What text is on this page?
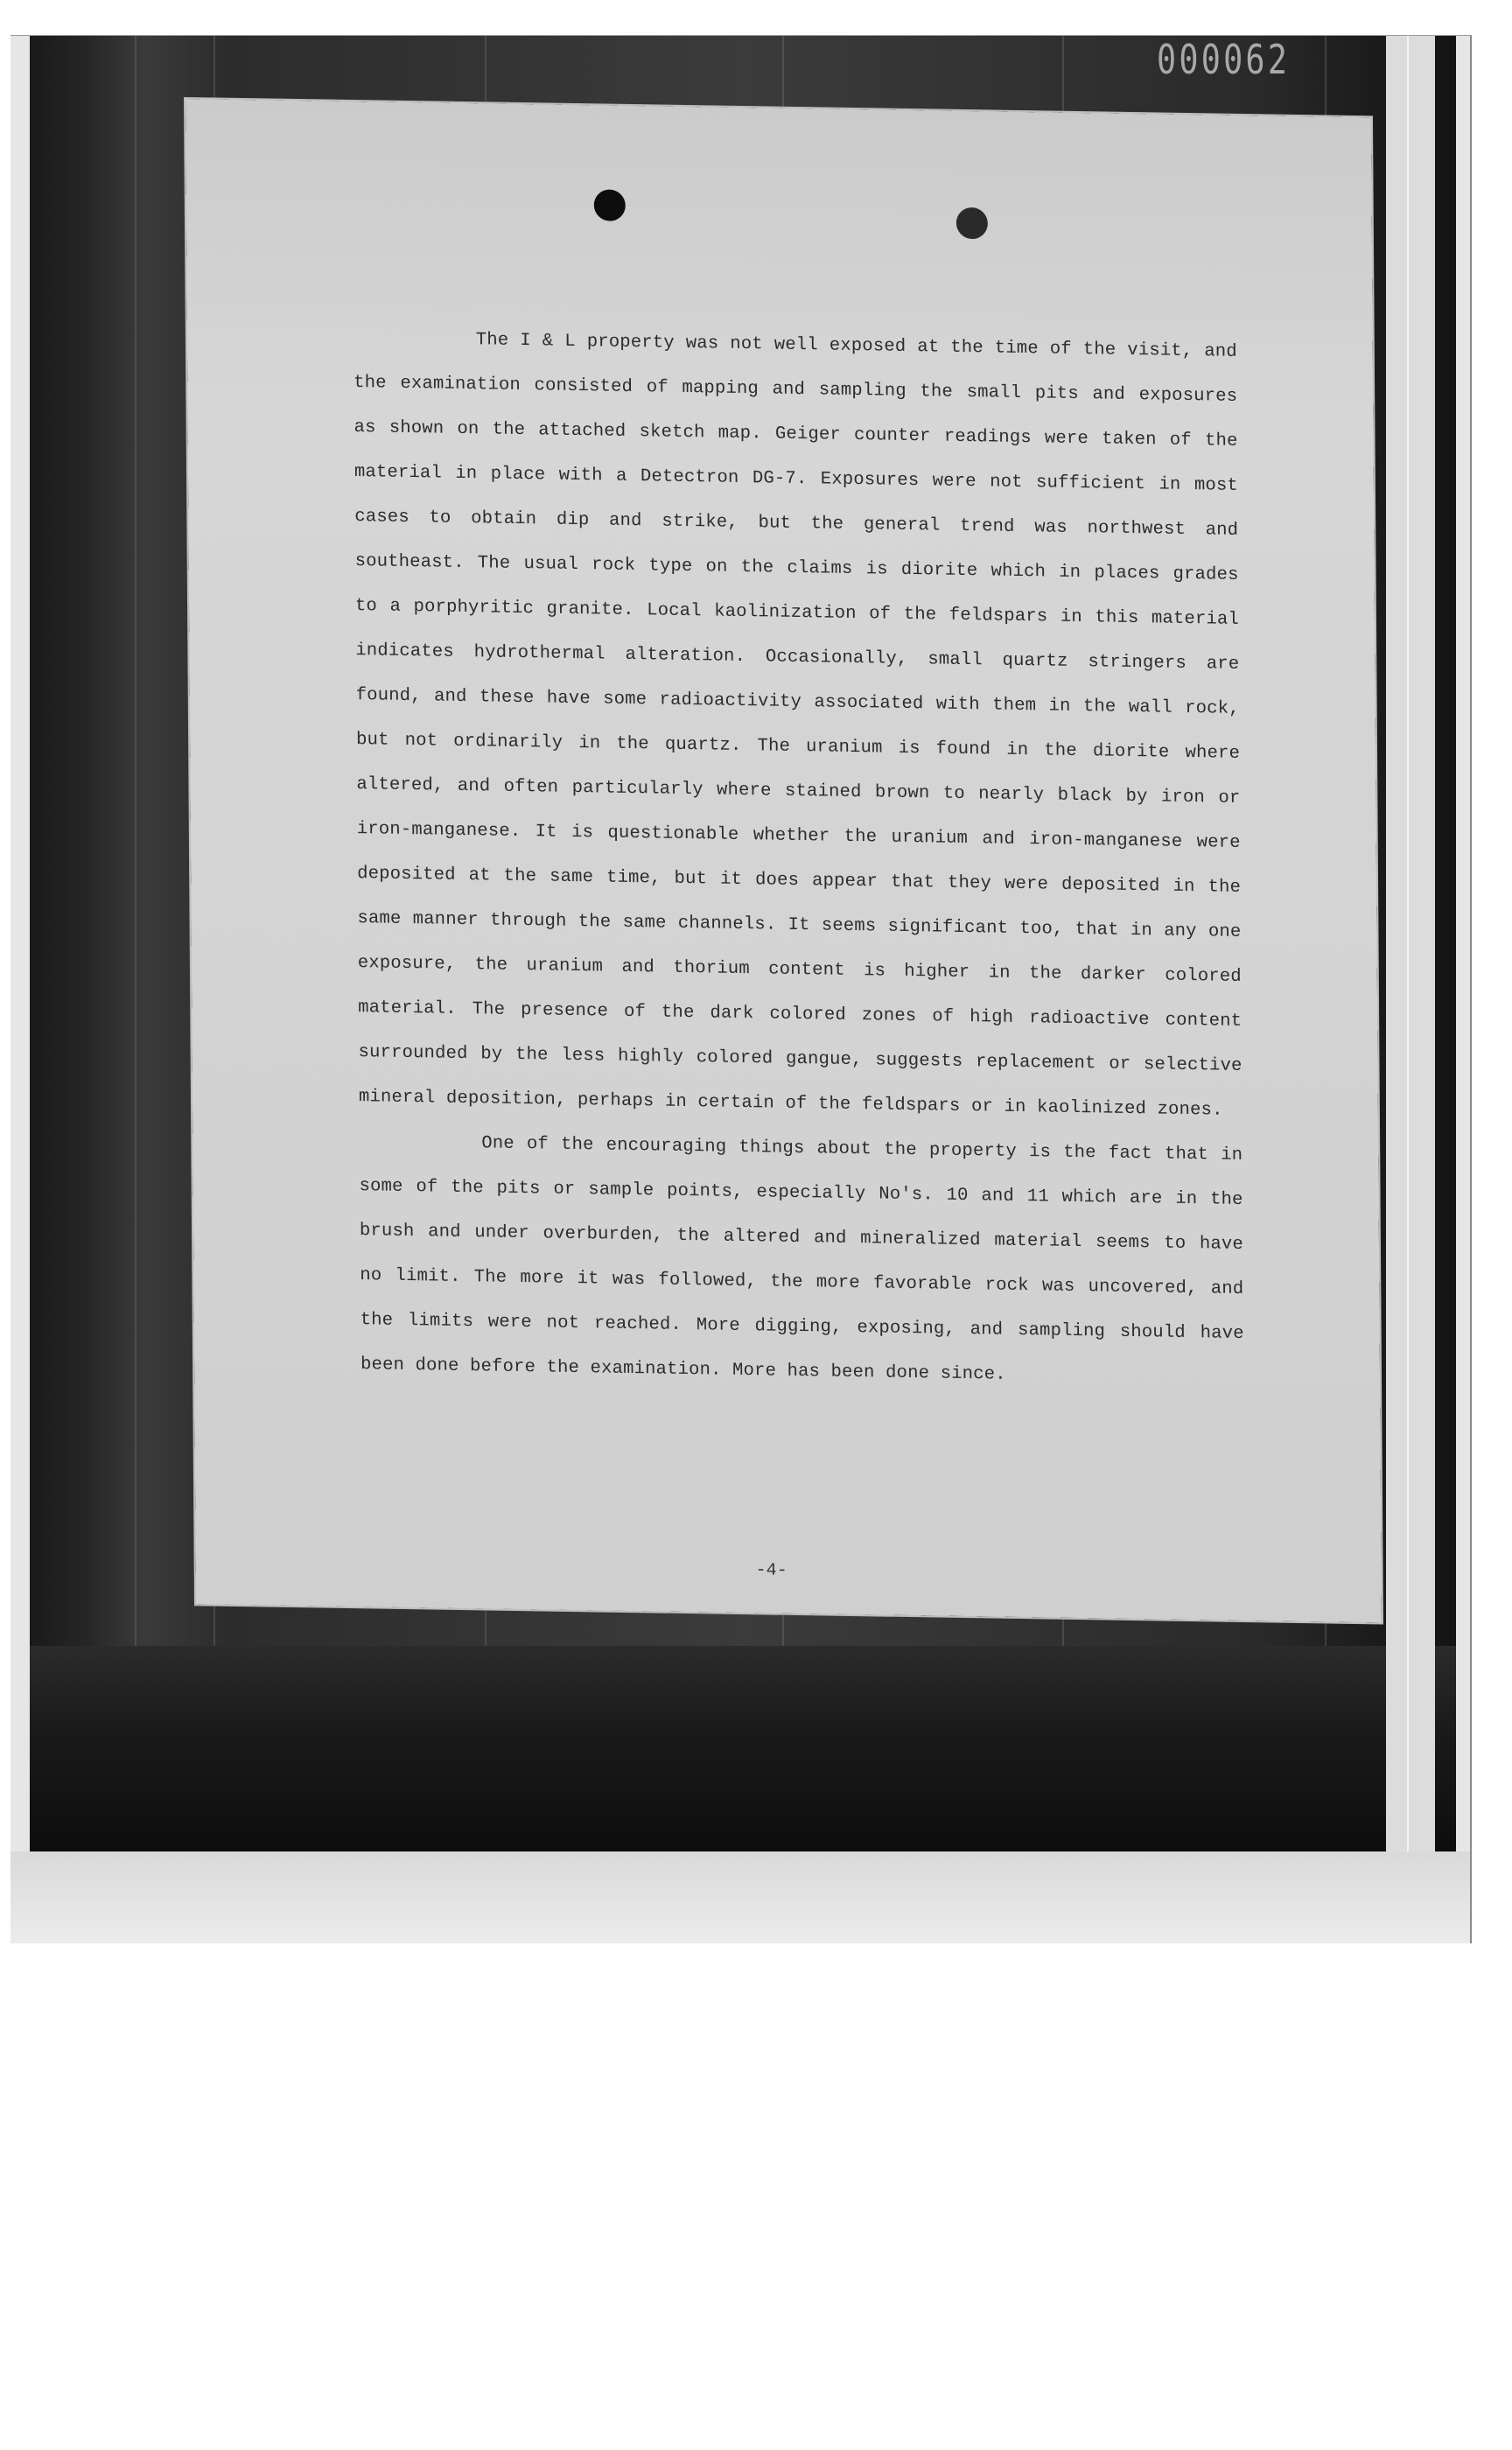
000062

The I & L property was not well exposed at the time of the visit, and the examination consisted of mapping and sampling the small pits and exposures as shown on the attached sketch map. Geiger counter readings were taken of the material in place with a Detectron DG-7. Exposures were not sufficient in most cases to obtain dip and strike, but the general trend was northwest and southeast. The usual rock type on the claims is diorite which in places grades to a porphyritic granite. Local kaolinization of the feldspars in this material indicates hydrothermal alteration. Occasionally, small quartz stringers are found, and these have some radioactivity associated with them in the wall rock, but not ordinarily in the quartz. The uranium is found in the diorite where altered, and often particularly where stained brown to nearly black by iron or iron-manganese. It is questionable whether the uranium and iron-manganese were deposited at the same time, but it does appear that they were deposited in the same manner through the same channels. It seems significant too, that in any one exposure, the uranium and thorium content is higher in the darker colored material. The presence of the dark colored zones of high radioactive content surrounded by the less highly colored gangue, suggests replacement or selective mineral deposition, perhaps in certain of the feldspars or in kaolinized zones.

One of the encouraging things about the property is the fact that in some of the pits or sample points, especially No's. 10 and 11 which are in the brush and under overburden, the altered and mineralized material seems to have no limit. The more it was followed, the more favorable rock was uncovered, and the limits were not reached. More digging, exposing, and sampling should have been done before the examination. More has been done since.

-4-
